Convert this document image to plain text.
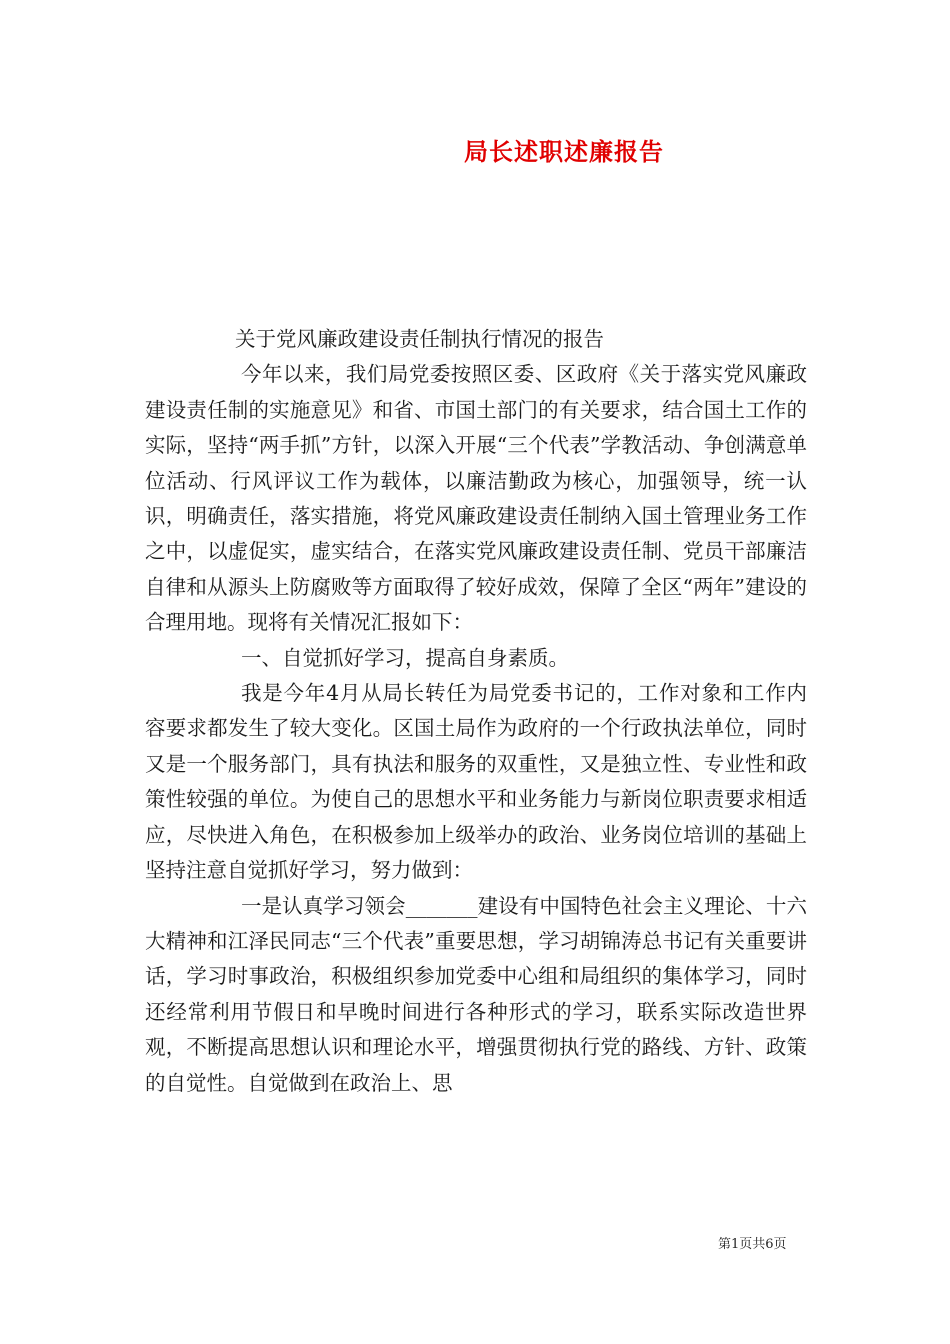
局长述职述廉报告

关于党风廉政建设责任制执行情况的报告

今年以来，我们局党委按照区委、区政府《关于落实党风廉政建设责任制的实施意见》和省、市国土部门的有关要求，结合国土工作的实际，坚持“两手抓”方针，以深入开展“三个代表”学教活动、争创满意单位活动、行风评议工作为载体，以廉洁勤政为核心，加强领导，统一认识，明确责任，落实措施，将党风廉政建设责任制纳入国土管理业务工作之中，以虚促实，虚实结合，在落实党风廉政建设责任制、党员干部廉洁自律和从源头上防腐败等方面取得了较好成效，保障了全区“两年”建设的合理用地。现将有关情况汇报如下：

一、自觉抓好学习，提高自身素质。

我是今年4月从局长转任为局党委书记的，工作对象和工作内容要求都发生了较大变化。区国土局作为政府的一个行政执法单位，同时又是一个服务部门，具有执法和服务的双重性，又是独立性、专业性和政策性较强的单位。为使自己的思想水平和业务能力与新岗位职责要求相适应，尽快进入角色，在积极参加上级举办的政治、业务岗位培训的基础上坚持注意自觉抓好学习，努力做到：

一是认真学习领会_______建设有中国特色社会主义理论、十六大精神和江泽民同志“三个代表”重要思想，学习胡锦涛总书记有关重要讲话，学习时事政治，积极组织参加党委中心组和局组织的集体学习，同时还经常利用节假日和早晚时间进行各种形式的学习，联系实际改造世界观，不断提高思想认识和理论水平，增强贯彻执行党的路线、方针、政策的自觉性。自觉做到在政治上、思

第1页共6页
